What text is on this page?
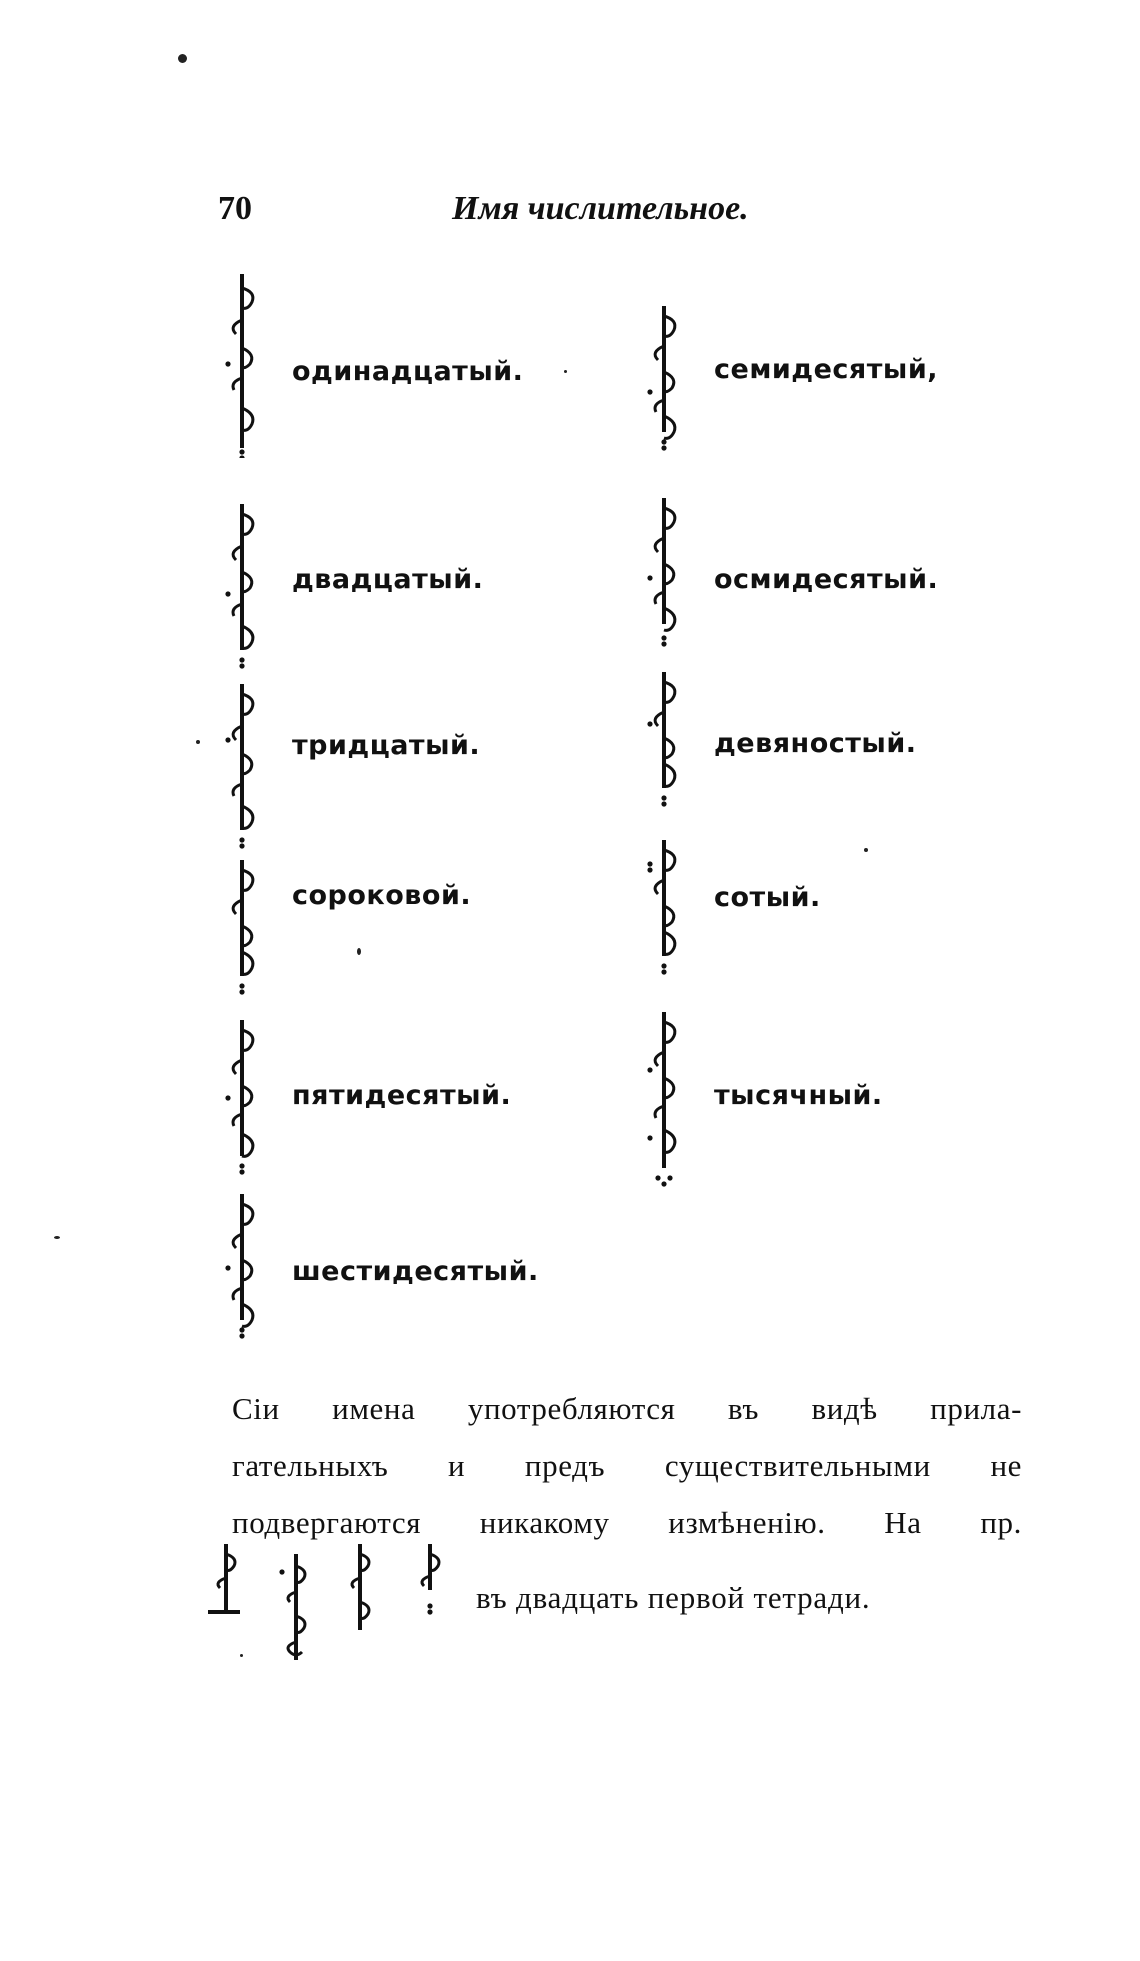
70	Имя числительное.
одинадцатый.
двадцатый.
тридцатый.
сороковой.
пятидесятый.
шестидесятый.
семидесятый,
осмидесятый.
девяностый.
сотый.
тысячный.
Сіи имена употребляются въ видѣ прила-
гательныхъ и предъ существительными не
подвергаются никакому измѣненію. На пр.
въ двадцать первой тетради.
